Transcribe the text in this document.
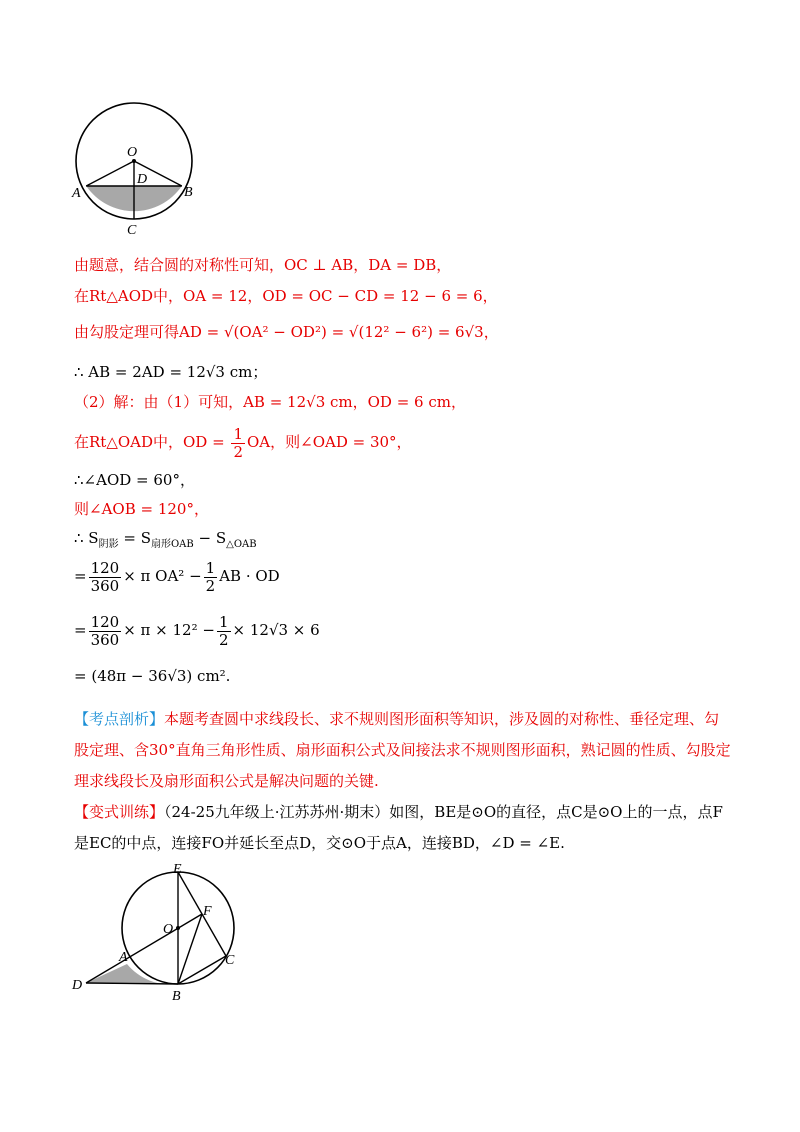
O
D
A	B
C
由题意，结合圆的对称性可知，OC ⊥ AB，DA = DB，
在Rt△AOD中，OA = 12，OD = OC − CD = 12 − 6 = 6，
由勾股定理可得AD = √(OA² − OD²) = √(12² − 6²) = 6√3，
∴ AB = 2AD = 12√3 cm；
（2）解：由（1）可知，AB = 12√3 cm，OD = 6 cm，
在Rt△OAD中，OD = $\frac{1}{2}$ OA，则∠OAD = 30°，
∴∠AOD = 60°，
则∠AOB = 120°，
∴ $S_{阴影} = S_{扇形OAB} - S_{\triangle OAB}$
= $\frac{120}{360} \times \pi$ $OA^2 - \frac{1}{2}$ AB · OD
= $\frac{120}{360} \times \pi \times 12^2 - \frac{1}{2} \times 12√3 \times 6$
= (48π − 36√3) cm².
【考点剖析】本题考查圆中求线段长、求不规则图形面积等知识，涉及圆的对称性、垂径定理、勾股定理、含30°直角三角形性质、扇形面积公式及间接法求不规则图形面积，熟记圆的性质、勾股定理求线段长及扇形面积公式是解决问题的关键.
【变式训练】（24-25九年级上·江苏苏州·期末）如图，BE是⊙O的直径，点C是⊙O上的一点，点F是EC的中点，连接FO并延长至点D，交⊙O于点A，连接BD，∠D = ∠E.
E
F
O
A	C
D
B
